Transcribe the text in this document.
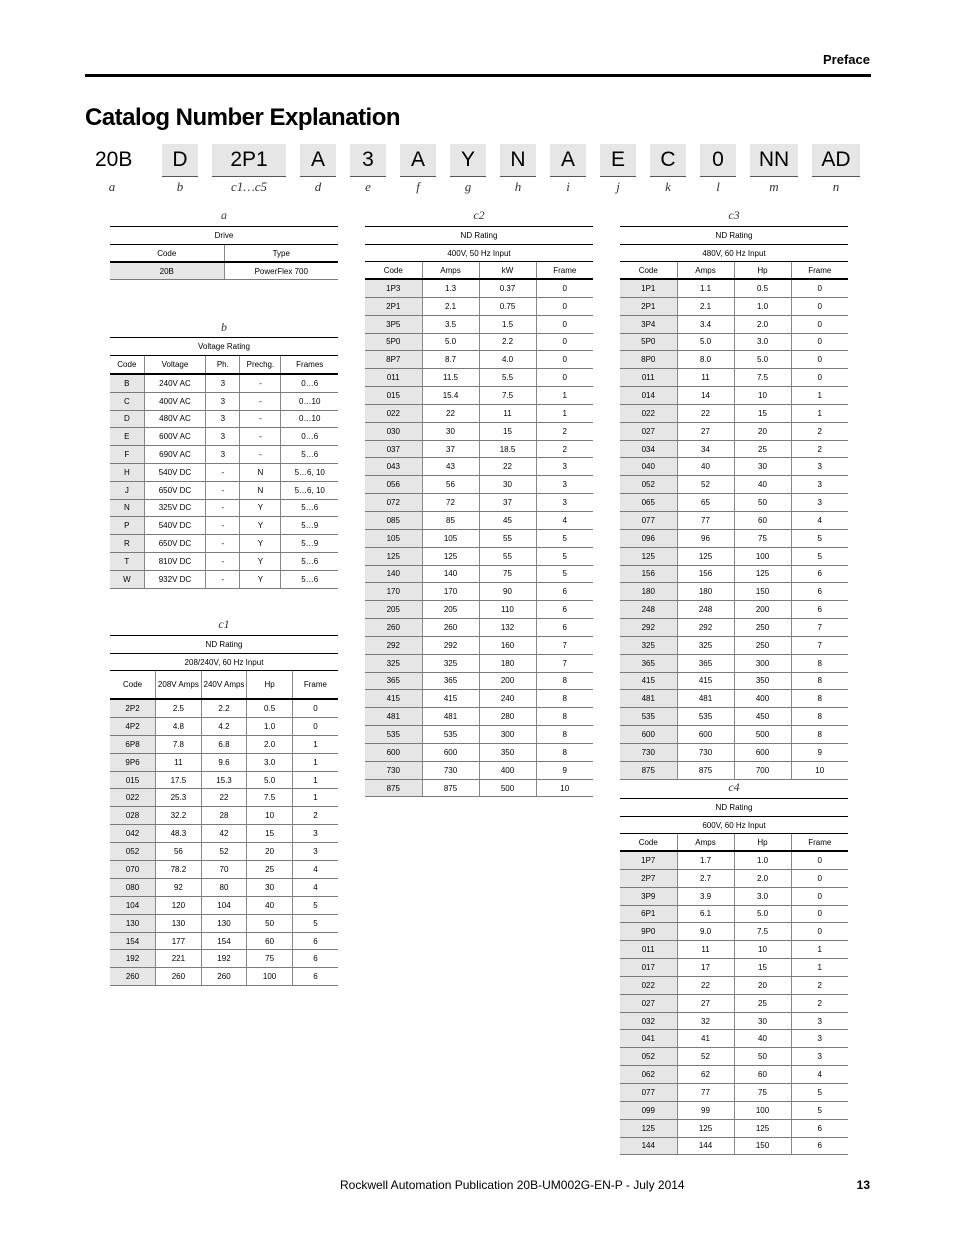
Preface
Catalog Number Explanation
20B	D	2P1	A	3	A	Y	N	A	E	C	0	NN	AD
a	b	c1…c5	d	e	f	g	h	i	j	k	l	m	n
a
b
c1
c2	c3
c4
Drive	
Code	Type
20B	PowerFlex 700
Voltage Rating				
Code	Voltage	Ph.	Prechg.	Frames
B	240V AC	3	-	0…6
C	400V AC	3	-	0…10
D	480V AC	3	-	0…10
E	600V AC	3	-	0…6
F	690V AC	3	-	5…6
H	540V DC	-	N	5…6, 10
J	650V DC	-	N	5…6, 10
N	325V DC	-	Y	5…6
P	540V DC	-	Y	5…9
R	650V DC	-	Y	5…9
T	810V DC	-	Y	5…6
W	932V DC	-	Y	5…6
ND Rating				
208/240V, 60 Hz Input				
Code	208V Amps	240V Amps	Hp	Frame
2P2	2.5	2.2	0.5	0
4P2	4.8	4.2	1.0	0
6P8	7.8	6.8	2.0	1
9P6	11	9.6	3.0	1
015	17.5	15.3	5.0	1
022	25.3	22	7.5	1
028	32.2	28	10	2
042	48.3	42	15	3
052	56	52	20	3
070	78.2	70	25	4
080	92	80	30	4
104	120	104	40	5
130	130	130	50	5
154	177	154	60	6
192	221	192	75	6
260	260	260	100	6
ND Rating			
400V, 50 Hz Input			
Code	Amps	kW	Frame
1P3	1.3	0.37	0
2P1	2.1	0.75	0
3P5	3.5	1.5	0
5P0	5.0	2.2	0
8P7	8.7	4.0	0
011	11.5	5.5	0
015	15.4	7.5	1
022	22	11	1
030	30	15	2
037	37	18.5	2
043	43	22	3
056	56	30	3
072	72	37	3
085	85	45	4
105	105	55	5
125	125	55	5
140	140	75	5
170	170	90	6
205	205	110	6
260	260	132	6
292	292	160	7
325	325	180	7
365	365	200	8
415	415	240	8
481	481	280	8
535	535	300	8
600	600	350	8
730	730	400	9
875	875	500	10
ND Rating			
480V, 60 Hz Input			
Code	Amps	Hp	Frame
1P1	1.1	0.5	0
2P1	2.1	1.0	0
3P4	3.4	2.0	0
5P0	5.0	3.0	0
8P0	8.0	5.0	0
011	11	7.5	0
014	14	10	1
022	22	15	1
027	27	20	2
034	34	25	2
040	40	30	3
052	52	40	3
065	65	50	3
077	77	60	4
096	96	75	5
125	125	100	5
156	156	125	6
180	180	150	6
248	248	200	6
292	292	250	7
325	325	250	7
365	365	300	8
415	415	350	8
481	481	400	8
535	535	450	8
600	600	500	8
730	730	600	9
875	875	700	10
ND Rating			
600V, 60 Hz Input			
Code	Amps	Hp	Frame
1P7	1.7	1.0	0
2P7	2.7	2.0	0
3P9	3.9	3.0	0
6P1	6.1	5.0	0
9P0	9.0	7.5	0
011	11	10	1
017	17	15	1
022	22	20	2
027	27	25	2
032	32	30	3
041	41	40	3
052	52	50	3
062	62	60	4
077	77	75	5
099	99	100	5
125	125	125	6
144	144	150	6
Rockwell Automation Publication 20B-UM002G-EN-P - July 2014	13
